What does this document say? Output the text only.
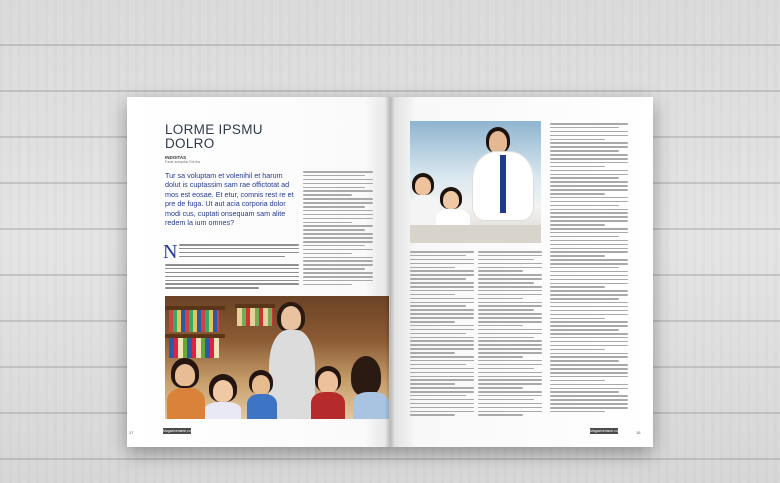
LORME IPSMU DOLRO
INDOITAS
Faraf acequtar Dis tbs
Tur sa voluptam et volenihil et harum dolut is cuptassim sam rae offictotat ad mos est eosae. Et etur, comnis rest re et pre de fuga. Ut aut acia corporia dolor modi cus, cuptati onsequam sam alite redem la ium omnes?
N
17	Magazinename.com	Magazinename.com	18
